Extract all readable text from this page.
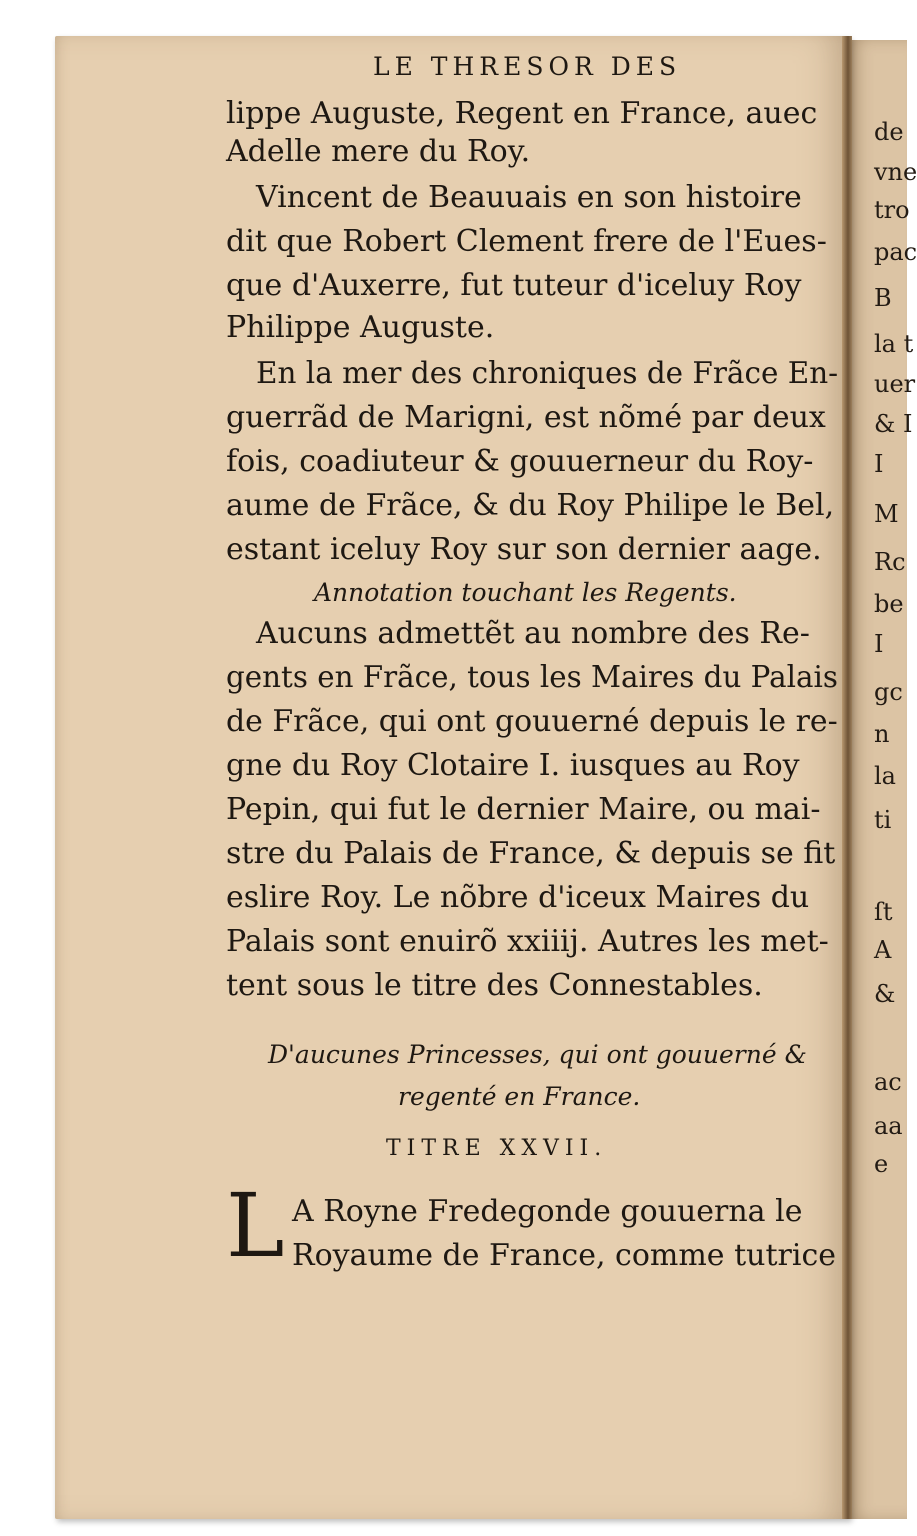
de
vne
tro
pac
B
la t
uer
& I
I
M
Rc
be
I
gc
n
la
ti
ſt
A
&
ac
aa
e
LE THRESOR DES
lippe Auguste, Regent en France, auec
Adelle mere du Roy.
Vincent de Beauuais en son histoire
dit que Robert Clement frere de l'Eues-
que d'Auxerre, fut tuteur d'iceluy Roy
Philippe Auguste.
En la mer des chroniques de Frãce En-
guerrãd de Marigni, est nõmé par deux
fois, coadiuteur & gouuerneur du Roy-
aume de Frãce, & du Roy Philipe le Bel,
estant iceluy Roy sur son dernier aage.
Annotation touchant les Regents.
Aucuns admettẽt au nombre des Re-
gents en Frãce, tous les Maires du Palais
de Frãce, qui ont gouuerné depuis le re-
gne du Roy Clotaire I. iusques au Roy
Pepin, qui fut le dernier Maire, ou mai-
stre du Palais de France, & depuis se fit
eslire Roy. Le nõbre d'iceux Maires du
Palais sont enuirõ xxiiij. Autres les met-
tent sous le titre des Connestables.
D'aucunes Princesses, qui ont gouuerné &
regenté en France.
TITRE XXVII.
L A Royne Fredegonde gouuerna le
Royaume de France, comme tutrice
